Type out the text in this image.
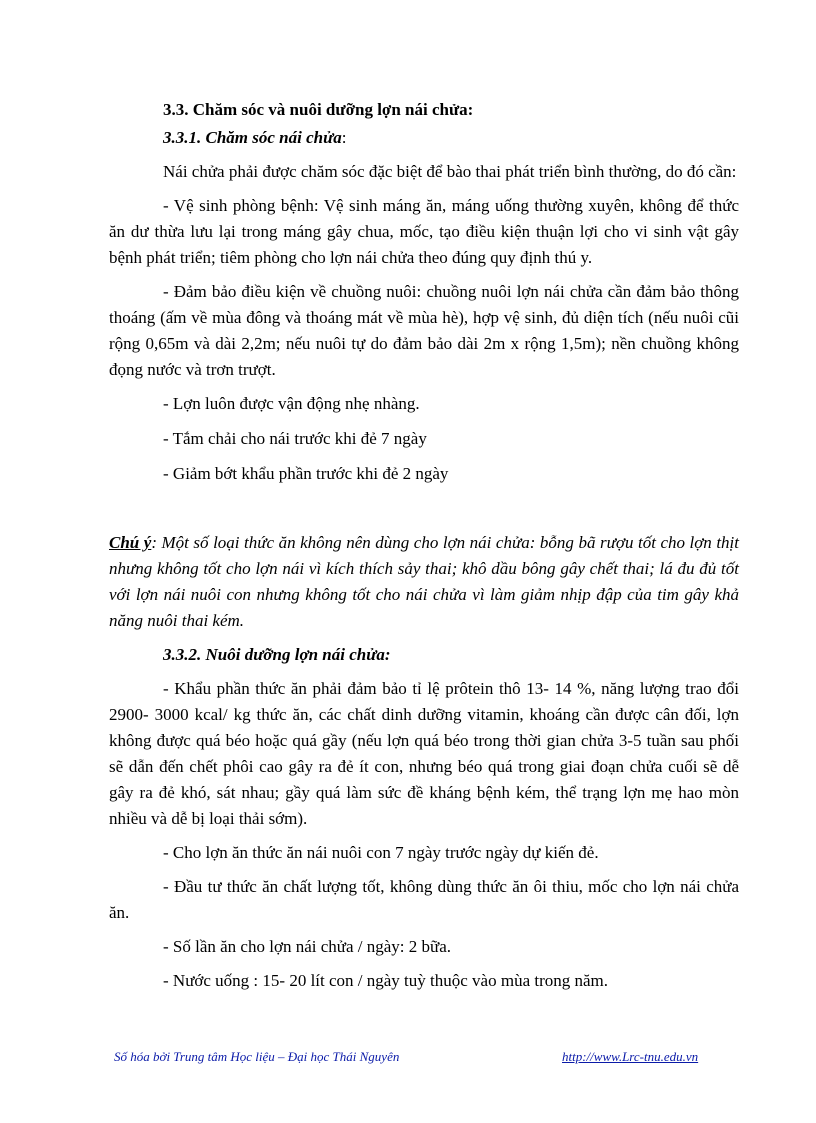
3.3. Chăm sóc và nuôi dưỡng lợn nái chửa:

3.3.1. Chăm sóc nái chửa:

Nái chửa phải được chăm sóc đặc biệt để bào thai phát triển bình thường, do đó cần:

- Vệ sinh phòng bệnh: Vệ sinh máng ăn, máng uống thường xuyên, không để thức ăn dư thừa lưu lại trong máng gây chua, mốc, tạo điều kiện thuận lợi cho vi sinh vật gây bệnh phát triển; tiêm phòng cho lợn nái chửa theo đúng quy định thú y.

- Đảm bảo điều kiện về chuồng nuôi: chuồng nuôi lợn nái chửa cần đảm bảo thông thoáng (ấm về mùa đông và thoáng mát về mùa hè), hợp vệ sinh, đủ diện tích (nếu nuôi cũi rộng 0,65m và dài 2,2m; nếu nuôi tự do đảm bảo dài 2m x rộng 1,5m); nền chuồng không đọng nước và trơn trượt.

- Lợn luôn được vận động nhẹ nhàng.

- Tắm chải cho nái trước khi đẻ 7 ngày

- Giảm bớt khẩu phần trước khi đẻ 2 ngày

Chú ý: Một số loại thức ăn không nên dùng cho lợn nái chửa: bỗng bã rượu tốt cho lợn thịt nhưng không tốt cho lợn nái vì kích thích sảy thai; khô dầu bông gây chết thai; lá đu đủ tốt với lợn nái nuôi con nhưng không tốt cho nái chửa vì làm giảm nhịp đập của tim gây khả năng nuôi thai kém.

3.3.2. Nuôi dưỡng lợn nái chửa:

- Khẩu phần thức ăn phải đảm bảo tỉ lệ prôtein thô 13- 14 %, năng lượng trao đổi 2900- 3000 kcal/ kg thức ăn, các chất dinh dưỡng vitamin, khoáng cần được cân đối, lợn không được quá béo hoặc quá gầy (nếu lợn quá béo trong thời gian chửa 3-5 tuần sau phối sẽ dẫn đến chết phôi cao gây ra đẻ ít con, nhưng béo quá trong giai đoạn chửa cuối sẽ dễ gây ra đẻ khó, sát nhau; gầy quá làm sức đề kháng bệnh kém, thể trạng lợn mẹ hao mòn nhiều và dễ bị loại thải sớm).

- Cho lợn ăn thức ăn nái nuôi con 7 ngày trước ngày dự kiến đẻ.

- Đầu tư thức ăn chất lượng tốt, không dùng thức ăn ôi thiu, mốc cho lợn nái chửa ăn.

- Số lần ăn cho lợn nái chửa / ngày: 2 bữa.

- Nước uống : 15- 20 lít con / ngày tuỳ thuộc vào mùa trong năm.

Số hóa bởi Trung tâm Học liệu – Đại học Thái Nguyên	http://www.Lrc-tnu.edu.vn
